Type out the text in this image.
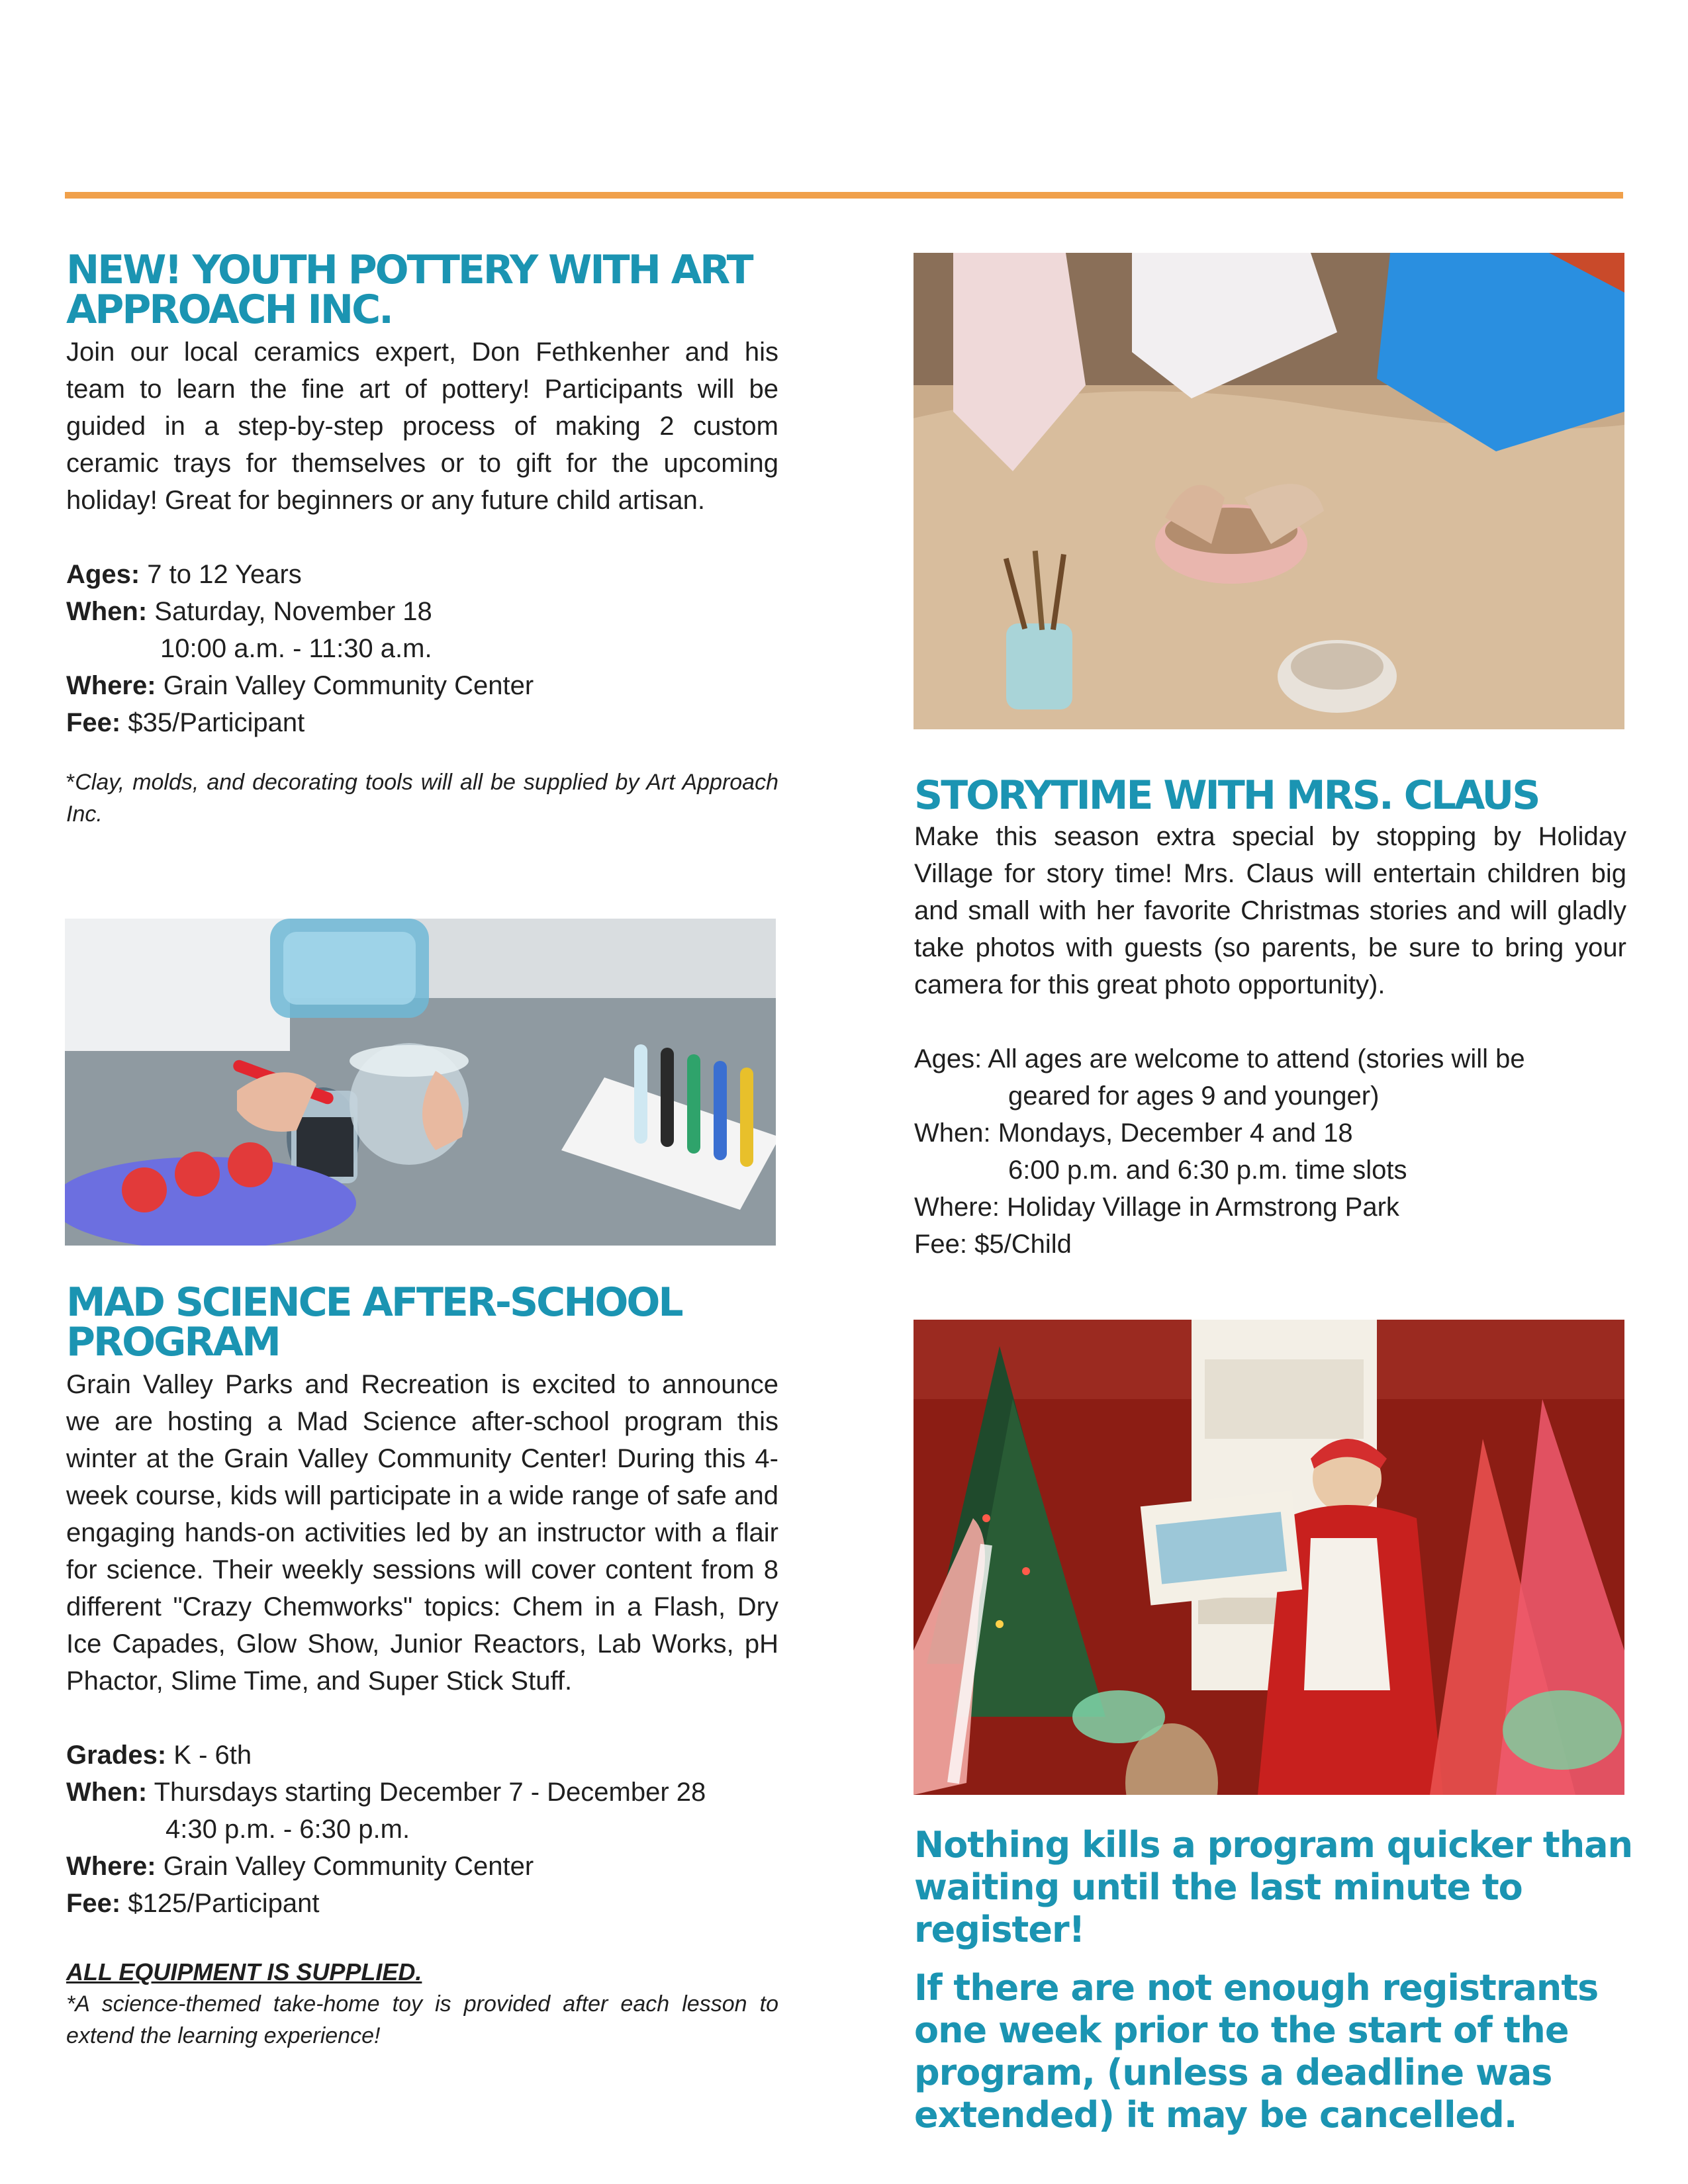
NEW! YOUTH POTTERY WITH ART APPROACH INC.

Join our local ceramics expert, Don Fethkenher and his team to learn the fine art of pottery! Participants will be guided in a step-by-step process of making 2 custom ceramic trays for themselves or to gift for the upcoming holiday! Great for beginners or any future child artisan.

Ages: 7 to 12 Years
When: Saturday, November 18
10:00 a.m. - 11:30 a.m.
Where: Grain Valley Community Center
Fee: $35/Participant

*Clay, molds, and decorating tools will all be supplied by Art Approach Inc.

MAD SCIENCE AFTER-SCHOOL PROGRAM

Grain Valley Parks and Recreation is excited to announce we are hosting a Mad Science after-school program this winter at the Grain Valley Community Center! During this 4-week course, kids will participate in a wide range of safe and engaging hands-on activities led by an instructor with a flair for science. Their weekly sessions will cover content from 8 different "Crazy Chemworks" topics: Chem in a Flash, Dry Ice Capades, Glow Show, Junior Reactors, Lab Works, pH Phactor, Slime Time, and Super Stick Stuff.

Grades: K - 6th
When: Thursdays starting December 7 - December 28
4:30 p.m. - 6:30 p.m.
Where: Grain Valley Community Center
Fee: $125/Participant

ALL EQUIPMENT IS SUPPLIED.

*A science-themed take-home toy is provided after each lesson to extend the learning experience!

STORYTIME WITH MRS. CLAUS

Make this season extra special by stopping by Holiday Village for story time! Mrs. Claus will entertain children big and small with her favorite Christmas stories and will gladly take photos with guests (so parents, be sure to bring your camera for this great photo opportunity).

Ages: All ages are welcome to attend (stories will be
geared for ages 9 and younger)
When: Mondays, December 4 and 18
6:00 p.m. and 6:30 p.m. time slots
Where: Holiday Village in Armstrong Park
Fee: $5/Child

Nothing kills a program quicker than waiting until the last minute to register!

If there are not enough registrants one week prior to the start of the program, (unless a deadline was extended) it may be cancelled.
